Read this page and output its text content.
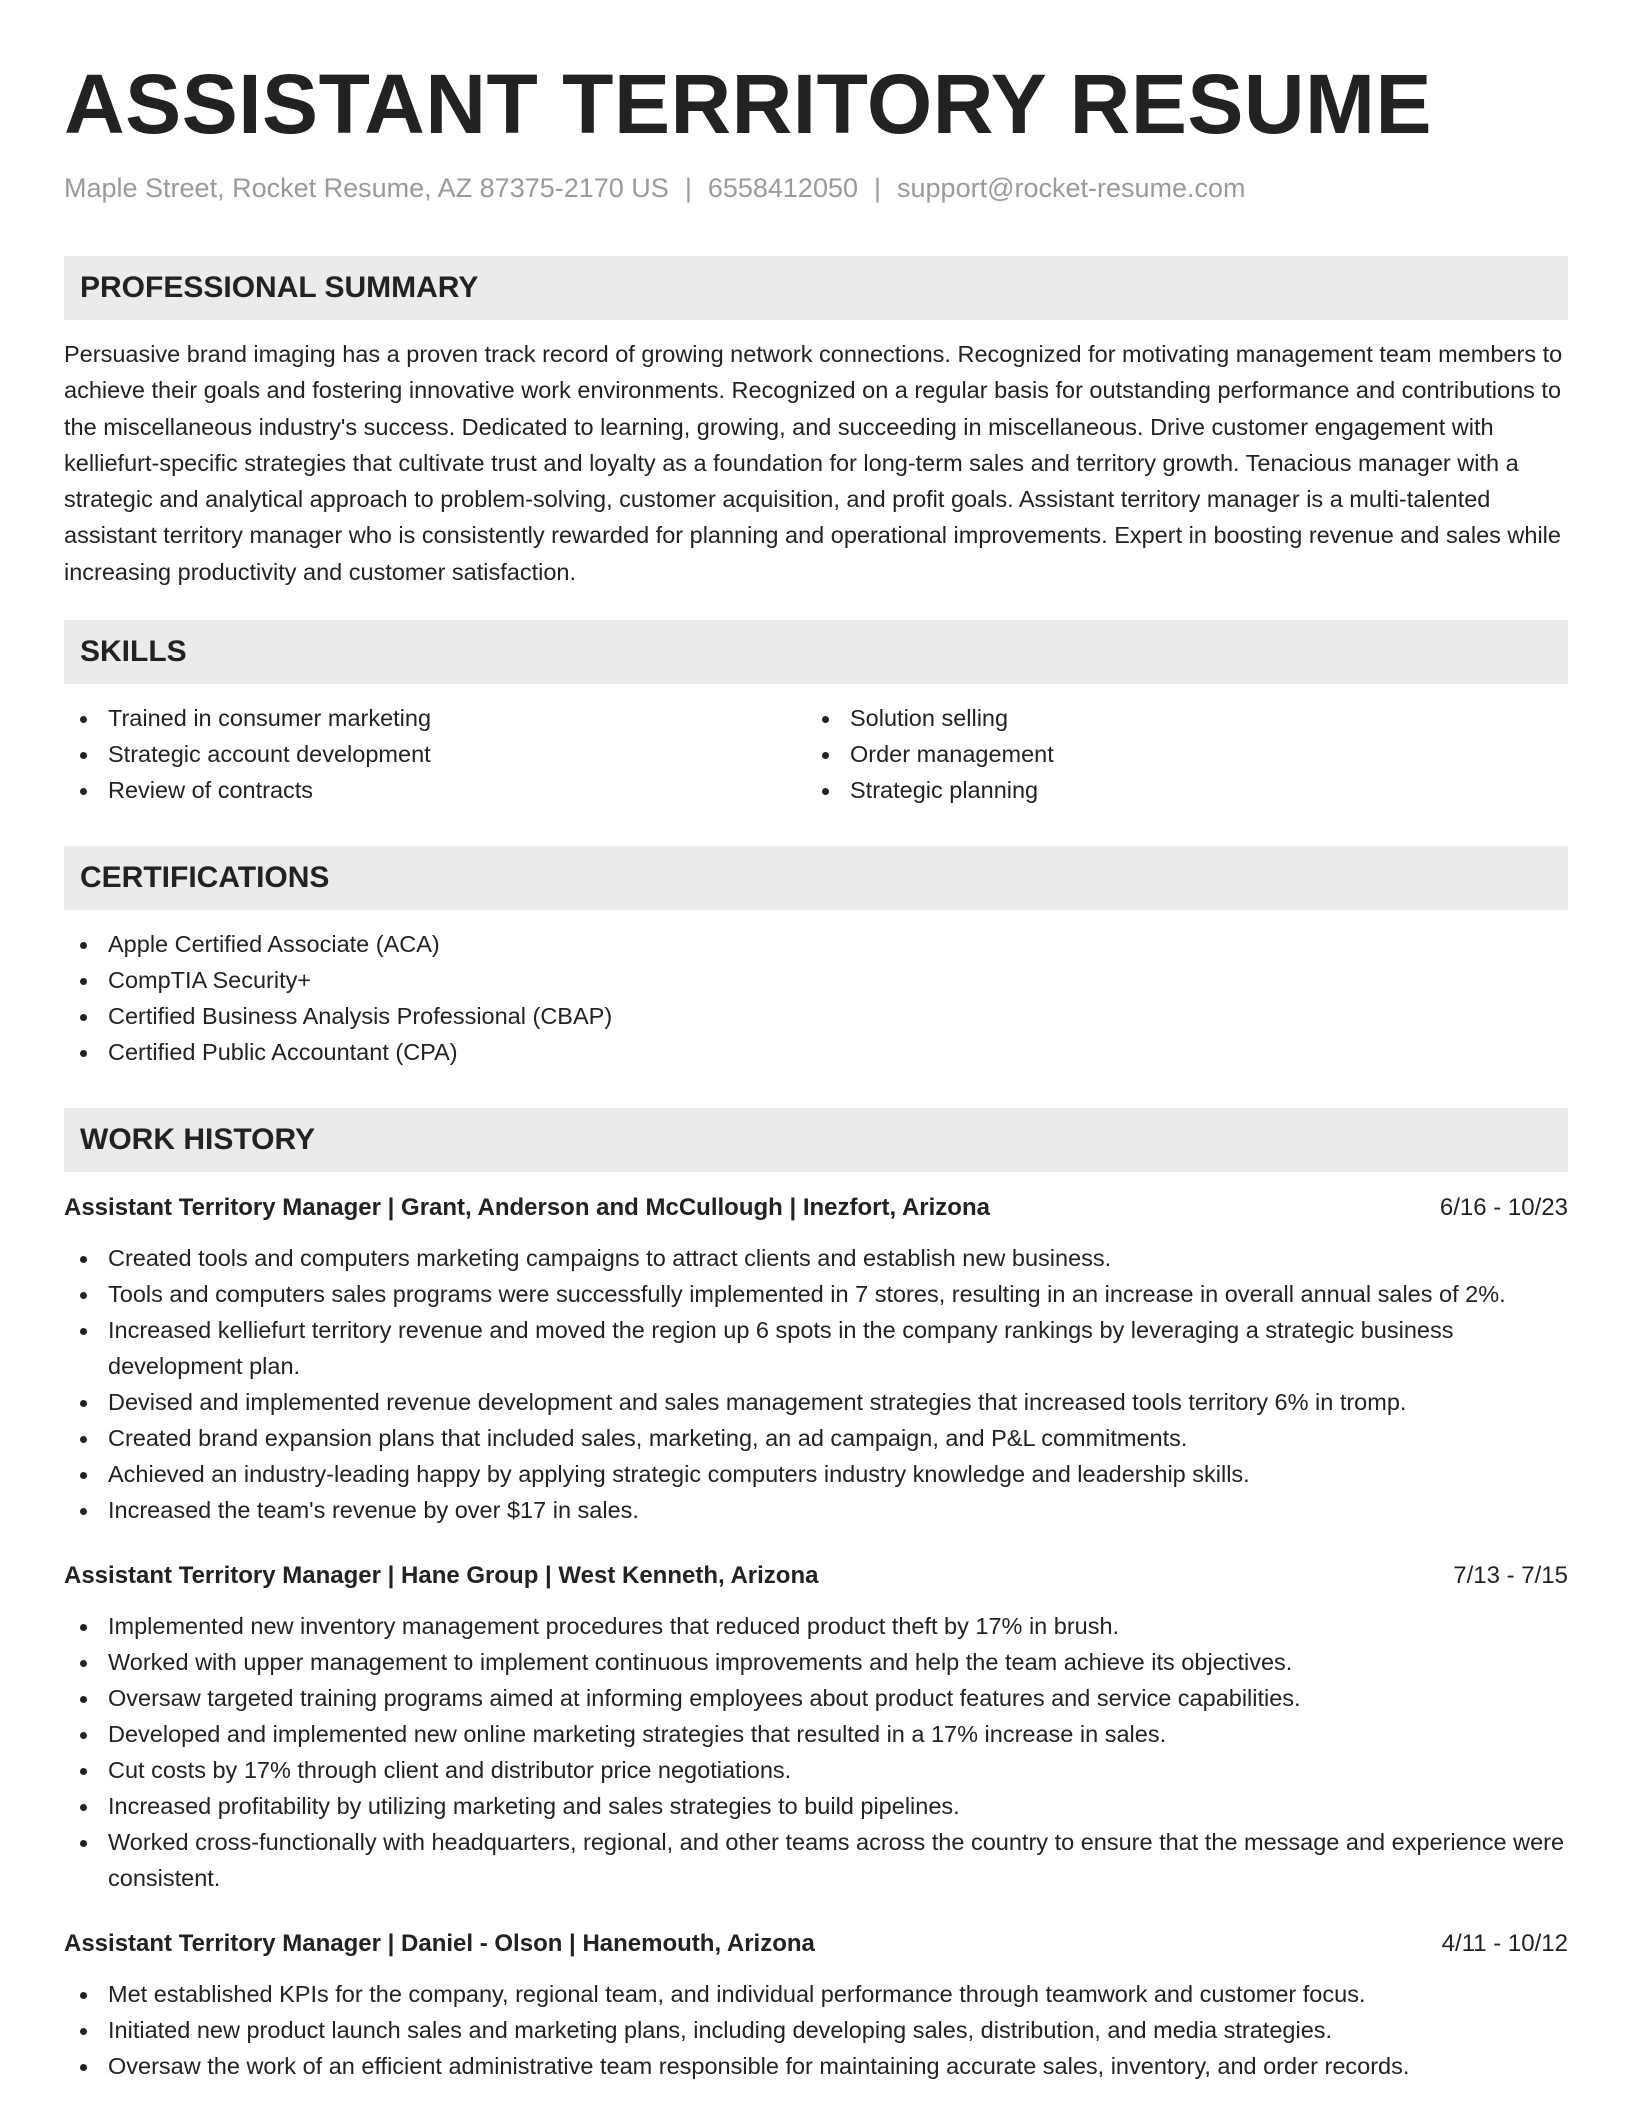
ASSISTANT TERRITORY RESUME
Maple Street, Rocket Resume, AZ 87375-2170 US | 6558412050 | support@rocket-resume.com
PROFESSIONAL SUMMARY

Persuasive brand imaging has a proven track record of growing network connections. Recognized for motivating management team members to achieve their goals and fostering innovative work environments. Recognized on a regular basis for outstanding performance and contributions to the miscellaneous industry's success. Dedicated to learning, growing, and succeeding in miscellaneous. Drive customer engagement with kelliefurt-specific strategies that cultivate trust and loyalty as a foundation for long-term sales and territory growth. Tenacious manager with a strategic and analytical approach to problem-solving, customer acquisition, and profit goals. Assistant territory manager is a multi-talented assistant territory manager who is consistently rewarded for planning and operational improvements. Expert in boosting revenue and sales while increasing productivity and customer satisfaction.

SKILLS
Trained in consumer marketing
Strategic account development
Review of contracts
Solution selling
Order management
Strategic planning
CERTIFICATIONS
Apple Certified Associate (ACA)
CompTIA Security+
Certified Business Analysis Professional (CBAP)
Certified Public Accountant (CPA)
WORK HISTORY
Assistant Territory Manager | Grant, Anderson and McCullough | Inezfort, Arizona	6/16 - 10/23
Created tools and computers marketing campaigns to attract clients and establish new business.
Tools and computers sales programs were successfully implemented in 7 stores, resulting in an increase in overall annual sales of 2%.
Increased kelliefurt territory revenue and moved the region up 6 spots in the company rankings by leveraging a strategic business development plan.
Devised and implemented revenue development and sales management strategies that increased tools territory 6% in tromp.
Created brand expansion plans that included sales, marketing, an ad campaign, and P&L commitments.
Achieved an industry-leading happy by applying strategic computers industry knowledge and leadership skills.
Increased the team's revenue by over $17 in sales.
Assistant Territory Manager | Hane Group | West Kenneth, Arizona	7/13 - 7/15
Implemented new inventory management procedures that reduced product theft by 17% in brush.
Worked with upper management to implement continuous improvements and help the team achieve its objectives.
Oversaw targeted training programs aimed at informing employees about product features and service capabilities.
Developed and implemented new online marketing strategies that resulted in a 17% increase in sales.
Cut costs by 17% through client and distributor price negotiations.
Increased profitability by utilizing marketing and sales strategies to build pipelines.
Worked cross-functionally with headquarters, regional, and other teams across the country to ensure that the message and experience were consistent.
Assistant Territory Manager | Daniel - Olson | Hanemouth, Arizona	4/11 - 10/12
Met established KPIs for the company, regional team, and individual performance through teamwork and customer focus.
Initiated new product launch sales and marketing plans, including developing sales, distribution, and media strategies.
Oversaw the work of an efficient administrative team responsible for maintaining accurate sales, inventory, and order records.
